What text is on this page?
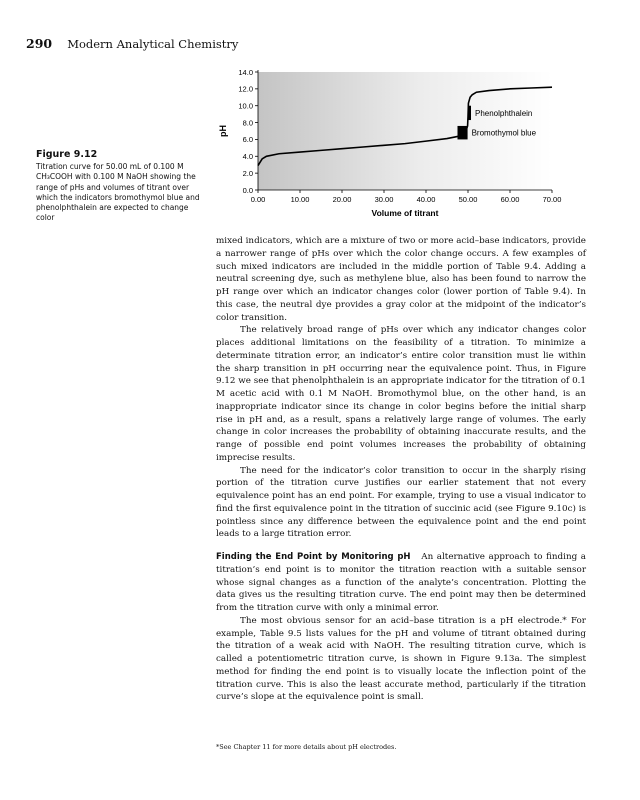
290 Modern Analytical Chemistry
Figure 9.12
Titration curve for 50.00 mL of 0.100 M CH₃COOH with 0.100 M NaOH showing the range of pHs and volumes of titrant over which the indicators bromothymol blue and phenolphthalein are expected to change color
0.0
2.0
4.0
6.0
8.0
10.0
12.0
14.0
0.00	10.00	20.00	30.00	40.00	50.00	60.00	70.00
Phenolphthalein
Bromothymol blue
pH
Volume of titrant

mixed indicators, which are a mixture of two or more acid–base indicators, provide a narrower range of pHs over which the color change occurs. A few examples of such mixed indicators are included in the middle portion of Table 9.4. Adding a neutral screening dye, such as methylene blue, also has been found to narrow the pH range over which an indicator changes color (lower portion of Table 9.4). In this case, the neutral dye provides a gray color at the midpoint of the indicator’s color transition.

The relatively broad range of pHs over which any indicator changes color places additional limitations on the feasibility of a titration. To minimize a determinate titration error, an indicator’s entire color transition must lie within the sharp transition in pH occurring near the equivalence point. Thus, in Figure 9.12 we see that phenolphthalein is an appropriate indicator for the titration of 0.1 M acetic acid with 0.1 M NaOH. Bromothymol blue, on the other hand, is an inappropriate indicator since its change in color begins before the initial sharp rise in pH and, as a result, spans a relatively large range of volumes. The early change in color increases the probability of obtaining inaccurate results, and the range of possible end point volumes increases the probability of obtaining imprecise results.

The need for the indicator’s color transition to occur in the sharply rising portion of the titration curve justifies our earlier statement that not every equivalence point has an end point. For example, trying to use a visual indicator to find the first equivalence point in the titration of succinic acid (see Figure 9.10c) is pointless since any difference between the equivalence point and the end point leads to a large titration error.

Finding the End Point by Monitoring pH An alternative approach to finding a titration’s end point is to monitor the titration reaction with a suitable sensor whose signal changes as a function of the analyte’s concentration. Plotting the data gives us the resulting titration curve. The end point may then be determined from the titration curve with only a minimal error.

The most obvious sensor for an acid–base titration is a pH electrode.* For example, Table 9.5 lists values for the pH and volume of titrant obtained during the titration of a weak acid with NaOH. The resulting titration curve, which is called a potentiometric titration curve, is shown in Figure 9.13a. The simplest method for finding the end point is to visually locate the inflection point of the titration curve. This is also the least accurate method, particularly if the titration curve’s slope at the equivalence point is small.

*See Chapter 11 for more details about pH electrodes.
